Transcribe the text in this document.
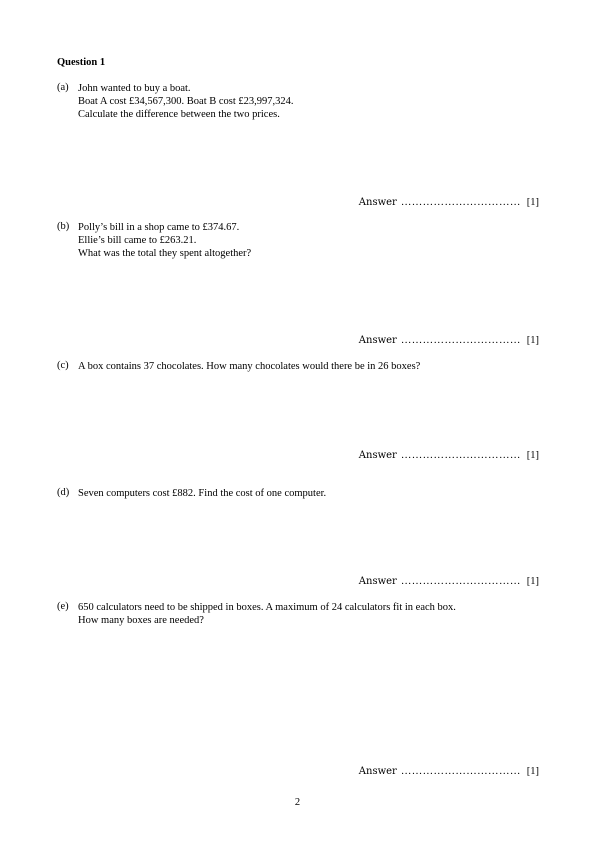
Question 1
(a) John wanted to buy a boat.
Boat A cost £34,567,300. Boat B cost £23,997,324.
Calculate the difference between the two prices.
Answer …………………………… [1]
(b) Polly’s bill in a shop came to £374.67.
Ellie’s bill came to £263.21.
What was the total they spent altogether?
Answer …………………………… [1]
(c) A box contains 37 chocolates. How many chocolates would there be in 26 boxes?
Answer …………………………… [1]
(d) Seven computers cost £882. Find the cost of one computer.
Answer …………………………… [1]
(e) 650 calculators need to be shipped in boxes. A maximum of 24 calculators fit in each box.
How many boxes are needed?
Answer …………………………… [1]
2
